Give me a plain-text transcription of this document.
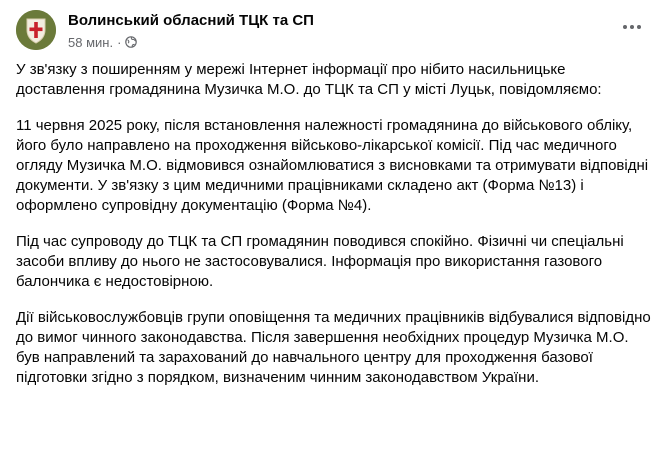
Волинський обласний ТЦК та СП
58 мин. ·

У зв'язку з поширенням у мережі Інтернет інформації про нібито насильницьке доставлення громадянина Музичка М.О. до ТЦК та СП у місті Луцьк, повідомляємо:

11 червня 2025 року, після встановлення належності громадянина до військового обліку, його було направлено на проходження військово-лікарської комісії. Під час медичного огляду Музичка М.О. відмовився ознайомлюватися з висновками та отримувати відповідні документи. У зв'язку з цим медичними працівниками складено акт (Форма №13) і оформлено супровідну документацію (Форма №4).

Під час супроводу до ТЦК та СП громадянин поводився спокійно. Фізичні чи спеціальні засоби впливу до нього не застосовувалися. Інформація про використання газового балончика є недостовірною.

Дії військовослужбовців групи оповіщення та медичних працівників відбувалися відповідно до вимог чинного законодавства. Після завершення необхідних процедур Музичка М.О. був направлений та зарахований до навчального центру для проходження базової підготовки згідно з порядком, визначеним чинним законодавством України.
